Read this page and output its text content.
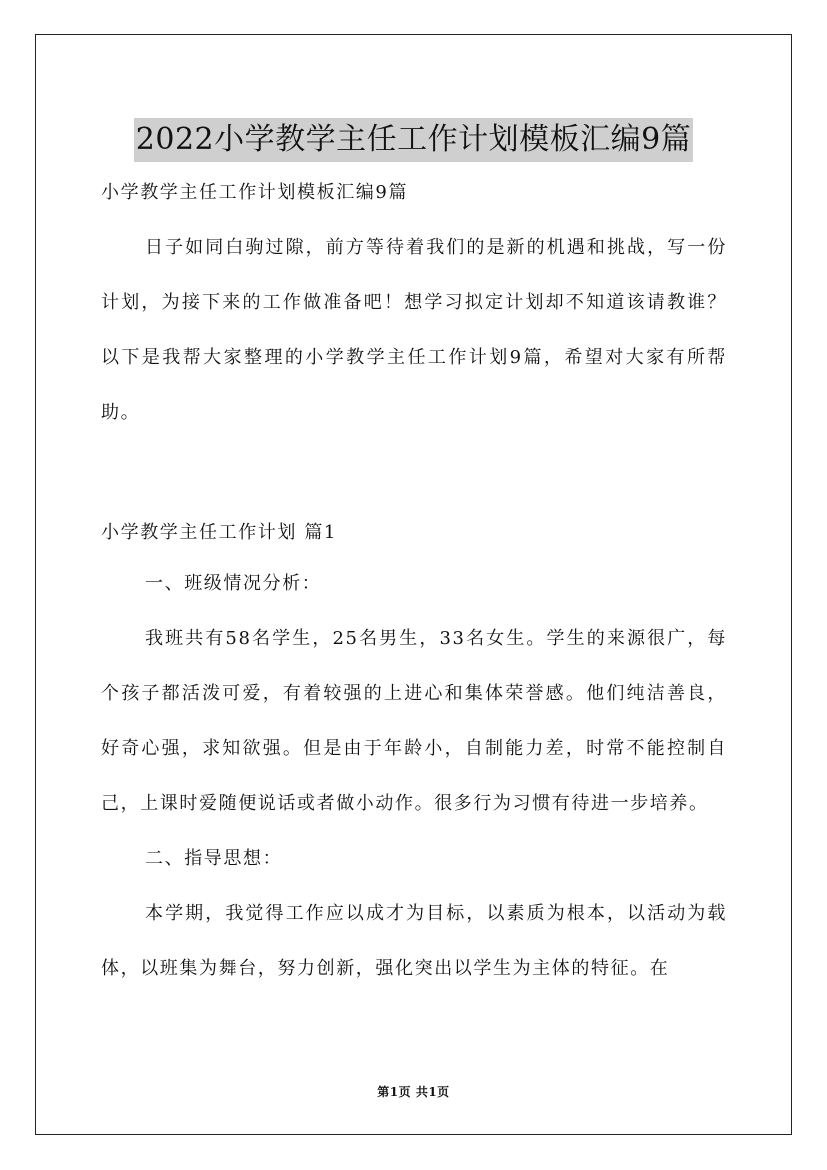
2022小学教学主任工作计划模板汇编9篇

小学教学主任工作计划模板汇编9篇

日子如同白驹过隙，前方等待着我们的是新的机遇和挑战，写一份计划，为接下来的工作做准备吧！想学习拟定计划却不知道该请教谁？以下是我帮大家整理的小学教学主任工作计划9篇，希望对大家有所帮助。

小学教学主任工作计划 篇1

一、班级情况分析：

我班共有58名学生，25名男生，33名女生。学生的来源很广，每个孩子都活泼可爱，有着较强的上进心和集体荣誉感。他们纯洁善良，好奇心强，求知欲强。但是由于年龄小，自制能力差，时常不能控制自己，上课时爱随便说话或者做小动作。很多行为习惯有待进一步培养。

二、指导思想：

本学期，我觉得工作应以成才为目标，以素质为根本，以活动为载体，以班集为舞台，努力创新，强化突出以学生为主体的特征。在

第1页 共1页
